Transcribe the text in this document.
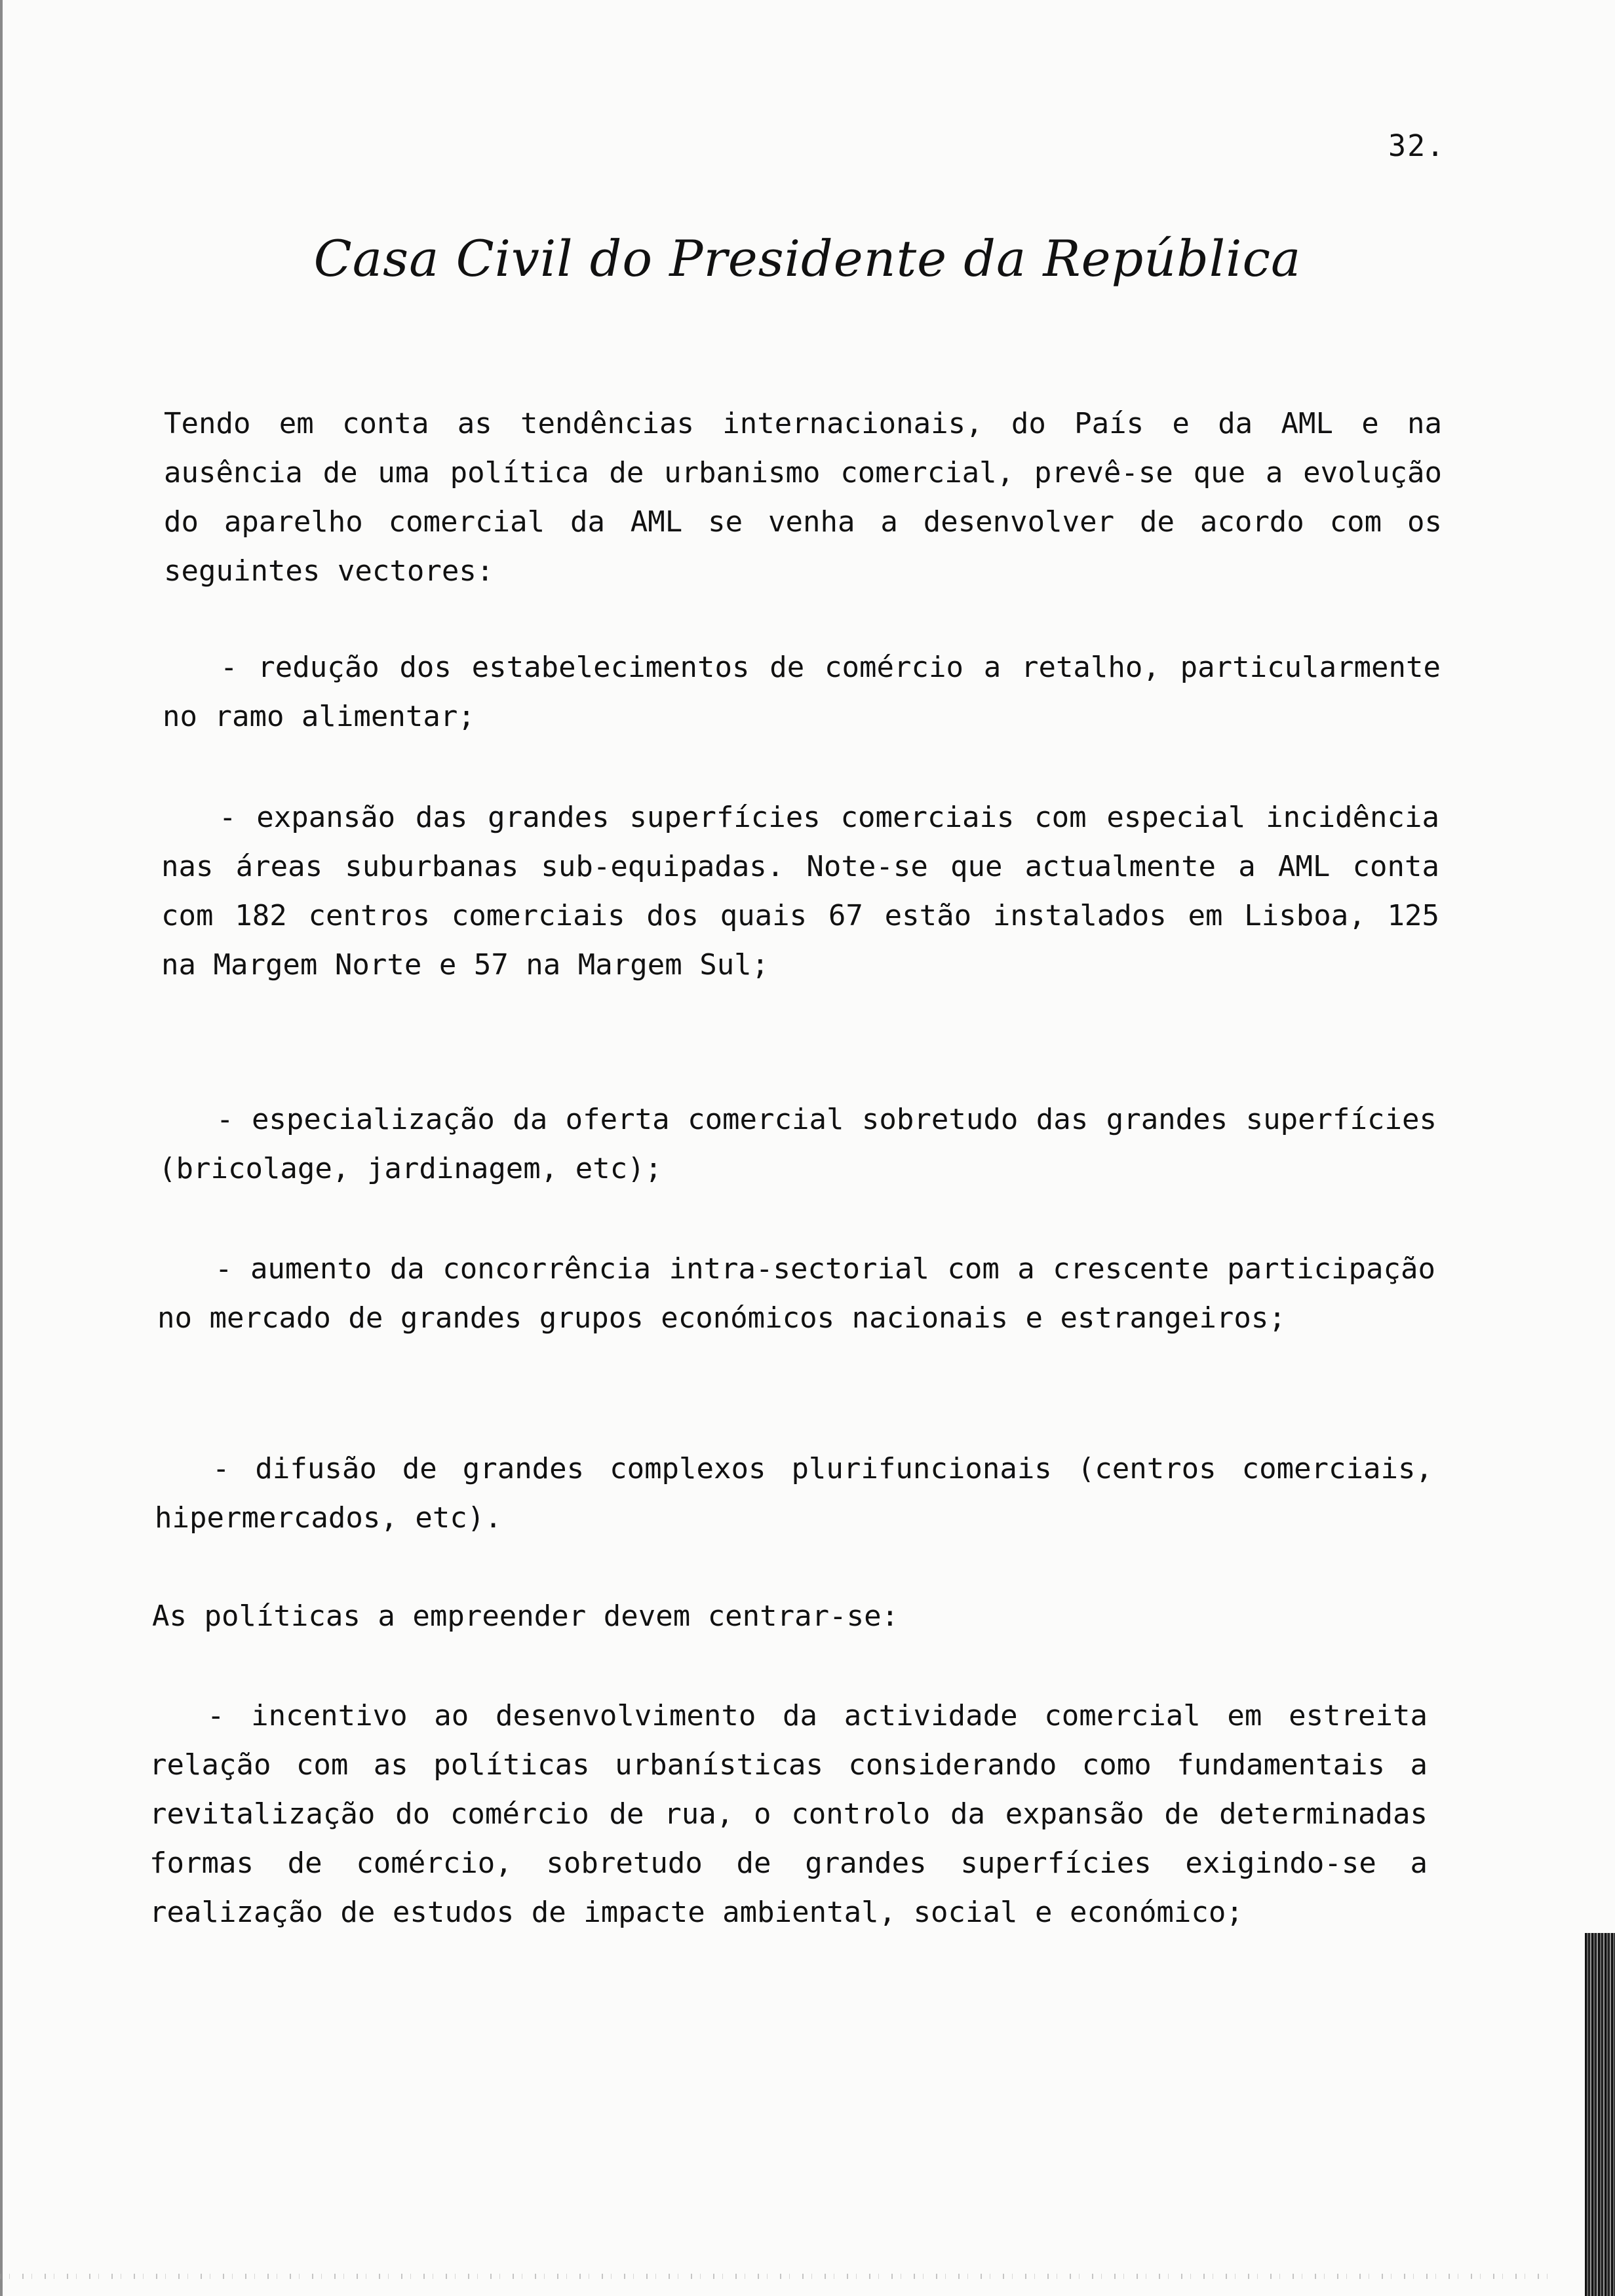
32.
Casa Civil do Presidente da República

Tendo em conta as tendências internacionais, do País e da AML e na ausência de uma política de urbanismo comercial, prevê-se que a evolução do aparelho comercial da AML se venha a desenvolver de acordo com os seguintes vectores:

- redução dos estabelecimentos de comércio a retalho, particularmente no ramo alimentar;

- expansão das grandes superfícies comerciais com especial incidência nas áreas suburbanas sub-equipadas. Note-se que actualmente a AML conta com 182 centros comerciais dos quais 67 estão instalados em Lisboa, 125 na Margem Norte e 57 na Margem Sul;

- especialização da oferta comercial sobretudo das grandes superfícies (bricolage, jardinagem, etc);

- aumento da concorrência intra-sectorial com a crescente participação no mercado de grandes grupos económicos nacionais e estrangeiros;

- difusão de grandes complexos plurifuncionais (centros comerciais, hipermercados, etc).

As políticas a empreender devem centrar-se:

- incentivo ao desenvolvimento da actividade comercial em estreita relação com as políticas urbanísticas considerando como fundamentais a revitalização do comércio de rua, o controlo da expansão de determinadas formas de comércio, sobretudo de grandes superfícies exigindo-se a realização de estudos de impacte ambiental, social e económico;
